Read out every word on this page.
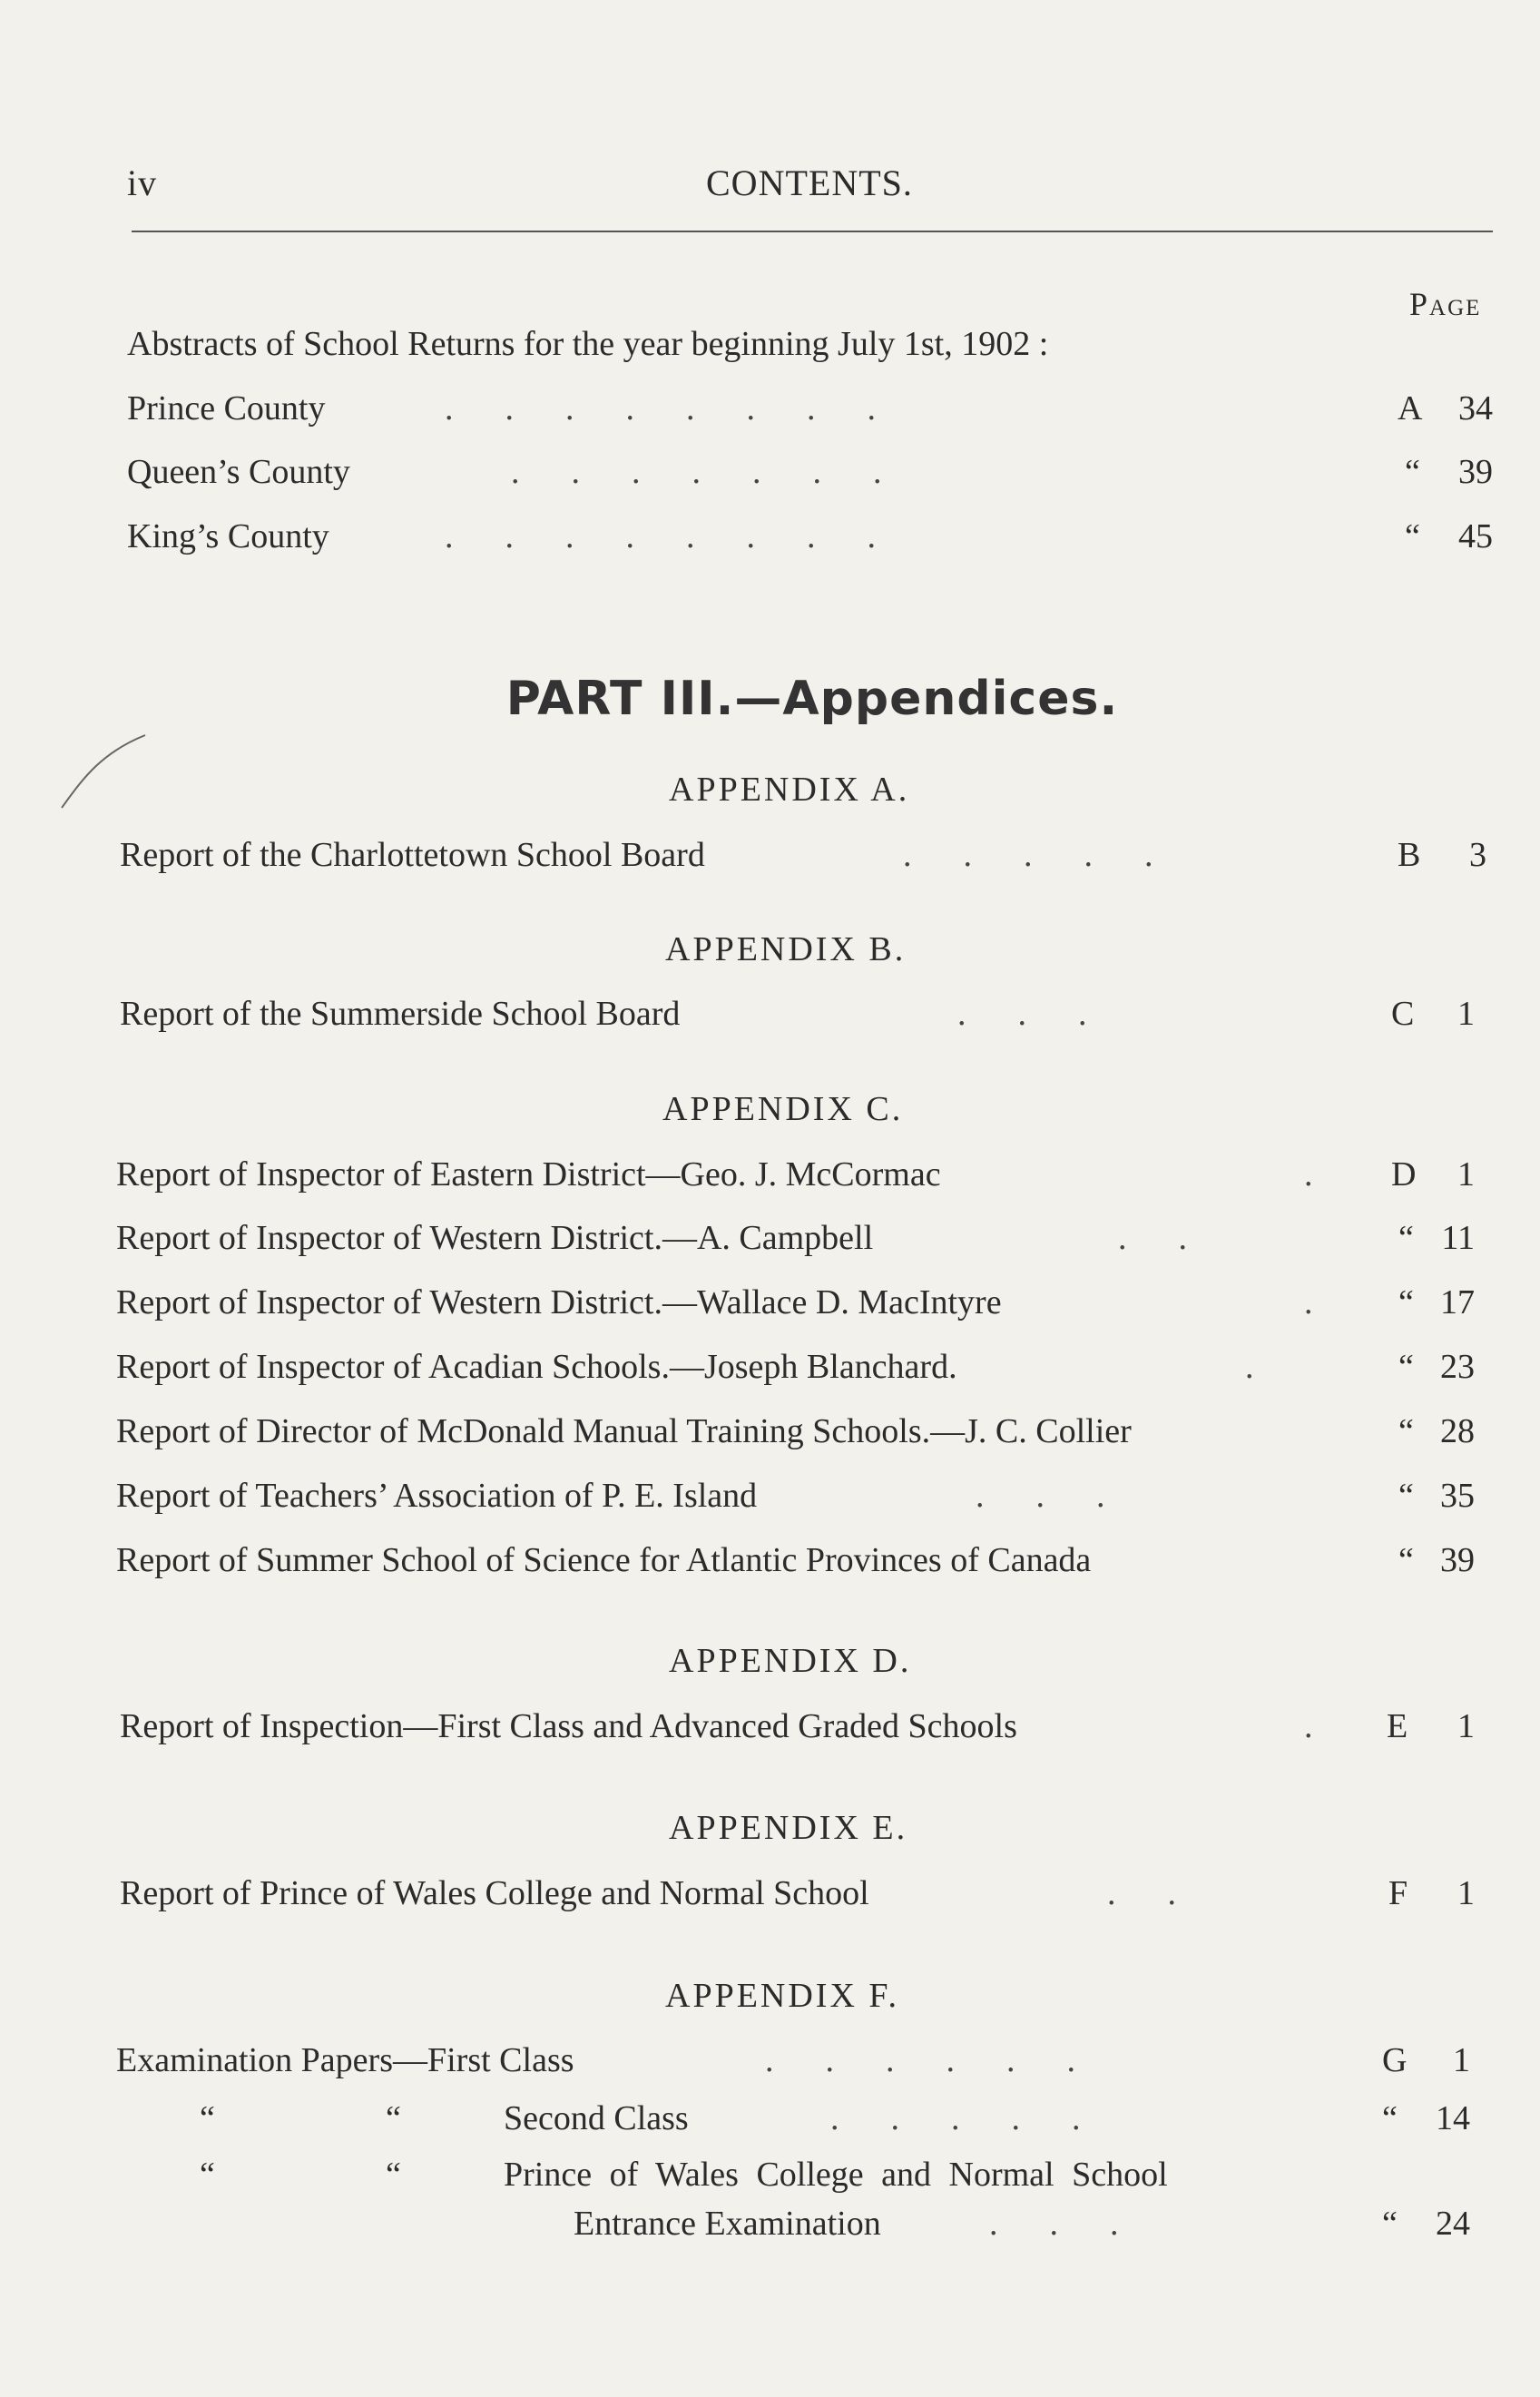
iv	CONTENTS.
Page
Abstracts of School Returns for the year beginning July 1st, 1902 :
Prince County	.      .      .      .      .      .      .      .	A	34
Queen’s County	.      .      .      .      .      .      .	“	39
King’s County	.      .      .      .      .      .      .      .	“	45
PART III.—Appendices.
APPENDIX A.
Report of the Charlottetown School Board	.      .      .      .      .	B	3
APPENDIX B.
Report of the Summerside School Board	.      .      .	C	1
APPENDIX C.
Report of Inspector of Eastern District—Geo. J. McCormac	. D	1
Report of Inspector of Western District.—A. Campbell	.      .	“ 11
Report of Inspector of Western District.—Wallace D. MacIntyre	. “ 17
Report of Inspector of Acadian Schools.—Joseph Blanchard.	.	“ 23
Report of Director of McDonald Manual Training Schools.—J. C. Collier	“ 28
Report of Teachers’ Association of P. E. Island	.      .      .	“ 35
Report of Summer School of Science for Atlantic Provinces of Canada	“ 39
APPENDIX D.
Report of Inspection—First Class and Advanced Graded Schools	. E	1
APPENDIX E.
Report of Prince of Wales College and Normal School	.      .	F	1
APPENDIX F.
Examination Papers—First Class	.      .      .      .      .      .	G	1
“	“	Second Class	.      .      .      .      .	“	14
“	“	Prince of Wales College and Normal School
Entrance Examination	.      .      .	“	24
